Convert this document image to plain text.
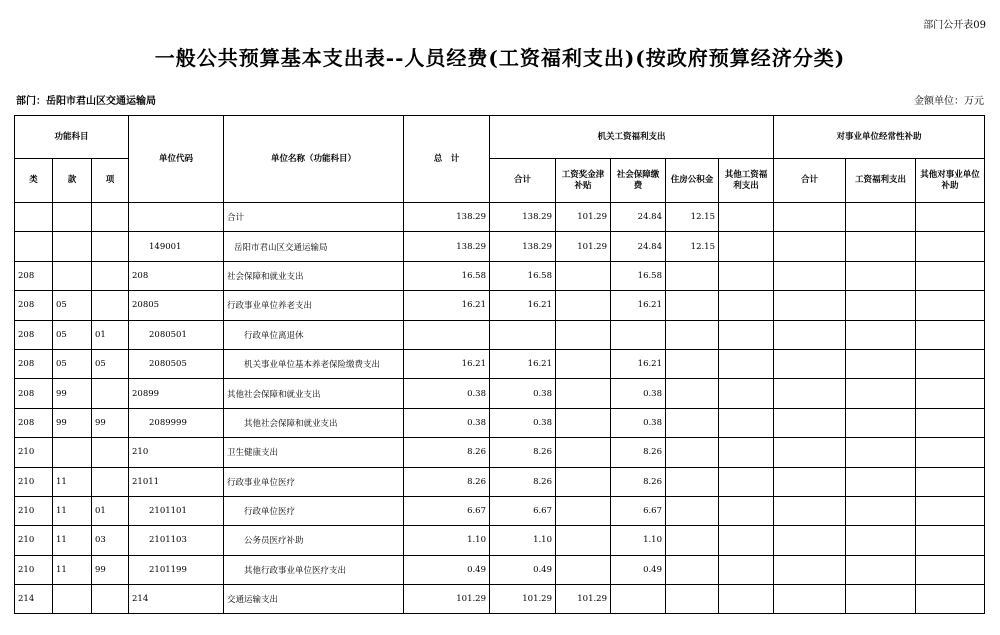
部门公开表09
一般公共预算基本支出表--人员经费(工资福利支出)(按政府预算经济分类)
部门：岳阳市君山区交通运输局	金额单位：万元
功能科目			单位代码	单位名称（功能科目）	总　计	机关工资福利支出					对事业单位经常性补助		
类	款	项				合计	工资奖金津补贴	社会保障缴费	住房公积金	其他工资福利支出	合计	工资福利支出	其他对事业单位补助
				合计	138.29	138.29	101.29	24.84	12.15				
			149001	岳阳市君山区交通运输局	138.29	138.29	101.29	24.84	12.15				
208			208	社会保障和就业支出	16.58	16.58		16.58					
208	05		20805	行政事业单位养老支出	16.21	16.21		16.21					
208	05	01	2080501	行政单位离退休									
208	05	05	2080505	机关事业单位基本养老保险缴费支出	16.21	16.21		16.21					
208	99		20899	其他社会保障和就业支出	0.38	0.38		0.38					
208	99	99	2089999	其他社会保障和就业支出	0.38	0.38		0.38					
210			210	卫生健康支出	8.26	8.26		8.26					
210	11		21011	行政事业单位医疗	8.26	8.26		8.26					
210	11	01	2101101	行政单位医疗	6.67	6.67		6.67					
210	11	03	2101103	公务员医疗补助	1.10	1.10		1.10					
210	11	99	2101199	其他行政事业单位医疗支出	0.49	0.49		0.49					
214			214	交通运输支出	101.29	101.29	101.29						
